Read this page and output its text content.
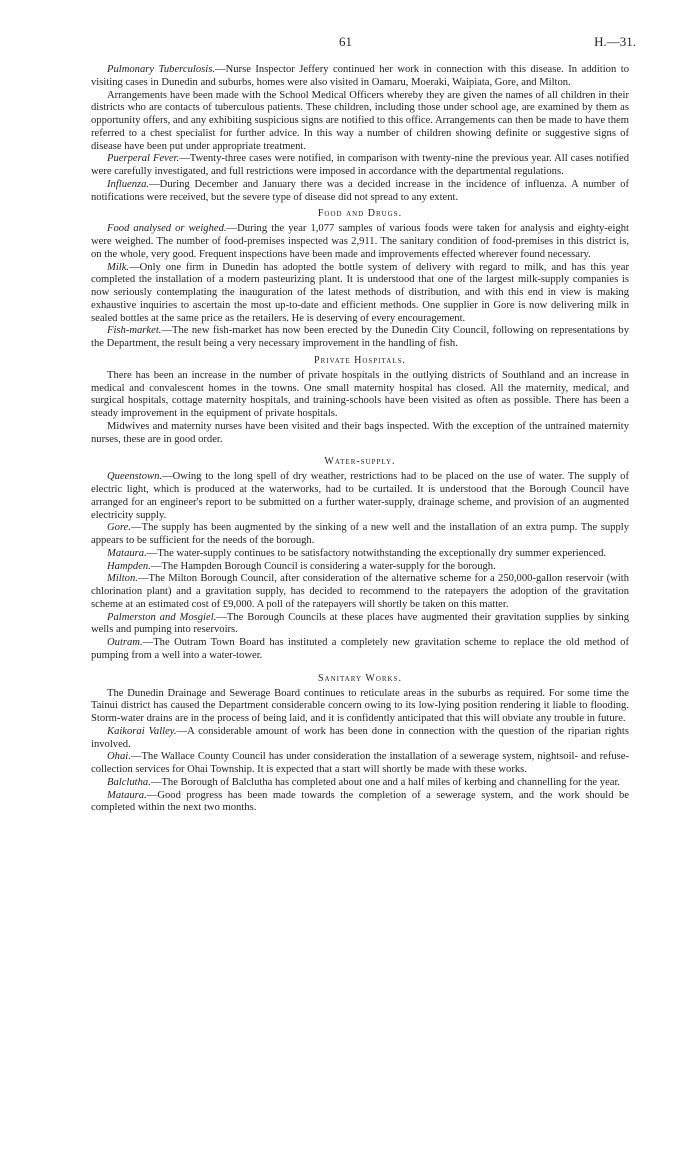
61	H.—31.

Pulmonary Tuberculosis.—Nurse Inspector Jeffery continued her work in connection with this disease. In addition to visiting cases in Dunedin and suburbs, homes were also visited in Oamaru, Moeraki, Waipiata, Gore, and Milton.

Arrangements have been made with the School Medical Officers whereby they are given the names of all children in their districts who are contacts of tuberculous patients. These children, including those under school age, are examined by them as opportunity offers, and any exhibiting suspicious signs are notified to this office. Arrangements can then be made to have them referred to a chest specialist for further advice. In this way a number of children showing definite or suggestive signs of disease have been put under appropriate treatment.

Puerperal Fever.—Twenty-three cases were notified, in comparison with twenty-nine the previous year. All cases notified were carefully investigated, and full restrictions were imposed in accordance with the departmental regulations.

Influenza.—During December and January there was a decided increase in the incidence of influenza. A number of notifications were received, but the severe type of disease did not spread to any extent.

Food and Drugs.

Food analysed or weighed.—During the year 1,077 samples of various foods were taken for analysis and eighty-eight were weighed. The number of food-premises inspected was 2,911. The sanitary condition of food-premises in this district is, on the whole, very good. Frequent inspections have been made and improvements effected wherever found necessary.

Milk.—Only one firm in Dunedin has adopted the bottle system of delivery with regard to milk, and has this year completed the installation of a modern pasteurizing plant. It is understood that one of the largest milk-supply companies is now seriously contemplating the inauguration of the latest methods of distribution, and with this end in view is making exhaustive inquiries to ascertain the most up-to-date and efficient methods. One supplier in Gore is now delivering milk in sealed bottles at the same price as the retailers. He is deserving of every encouragement.

Fish-market.—The new fish-market has now been erected by the Dunedin City Council, following on representations by the Department, the result being a very necessary improvement in the handling of fish.

Private Hospitals.

There has been an increase in the number of private hospitals in the outlying districts of Southland and an increase in medical and convalescent homes in the towns. One small maternity hospital has closed. All the maternity, medical, and surgical hospitals, cottage maternity hospitals, and training-schools have been visited as often as possible. There has been a steady improvement in the equipment of private hospitals.

Midwives and maternity nurses have been visited and their bags inspected. With the exception of the untrained maternity nurses, these are in good order.

Water-supply.

Queenstown.—Owing to the long spell of dry weather, restrictions had to be placed on the use of water. The supply of electric light, which is produced at the waterworks, had to be curtailed. It is understood that the Borough Council have arranged for an engineer's report to be submitted on a further water-supply, drainage scheme, and provision of an augmented electricity supply.

Gore.—The supply has been augmented by the sinking of a new well and the installation of an extra pump. The supply appears to be sufficient for the needs of the borough.

Mataura.—The water-supply continues to be satisfactory notwithstanding the exceptionally dry summer experienced.

Hampden.—The Hampden Borough Council is considering a water-supply for the borough.

Milton.—The Milton Borough Council, after consideration of the alternative scheme for a 250,000-gallon reservoir (with chlorination plant) and a gravitation supply, has decided to recommend to the ratepayers the adoption of the gravitation scheme at an estimated cost of £9,000. A poll of the ratepayers will shortly be taken on this matter.

Palmerston and Mosgiel.—The Borough Councils at these places have augmented their gravitation supplies by sinking wells and pumping into reservoirs.

Outram.—The Outram Town Board has instituted a completely new gravitation scheme to replace the old method of pumping from a well into a water-tower.

Sanitary Works.

The Dunedin Drainage and Sewerage Board continues to reticulate areas in the suburbs as required. For some time the Tainui district has caused the Department considerable concern owing to its low-lying position rendering it liable to flooding. Storm-water drains are in the process of being laid, and it is confidently anticipated that this will obviate any trouble in future.

Kaikorai Valley.—A considerable amount of work has been done in connection with the question of the riparian rights involved.

Ohai.—The Wallace County Council has under consideration the installation of a sewerage system, nightsoil- and refuse-collection services for Ohai Township. It is expected that a start will shortly be made with these works.

Balclutha.—The Borough of Balclutha has completed about one and a half miles of kerbing and channelling for the year.

Mataura.—Good progress has been made towards the completion of a sewerage system, and the work should be completed within the next two months.
